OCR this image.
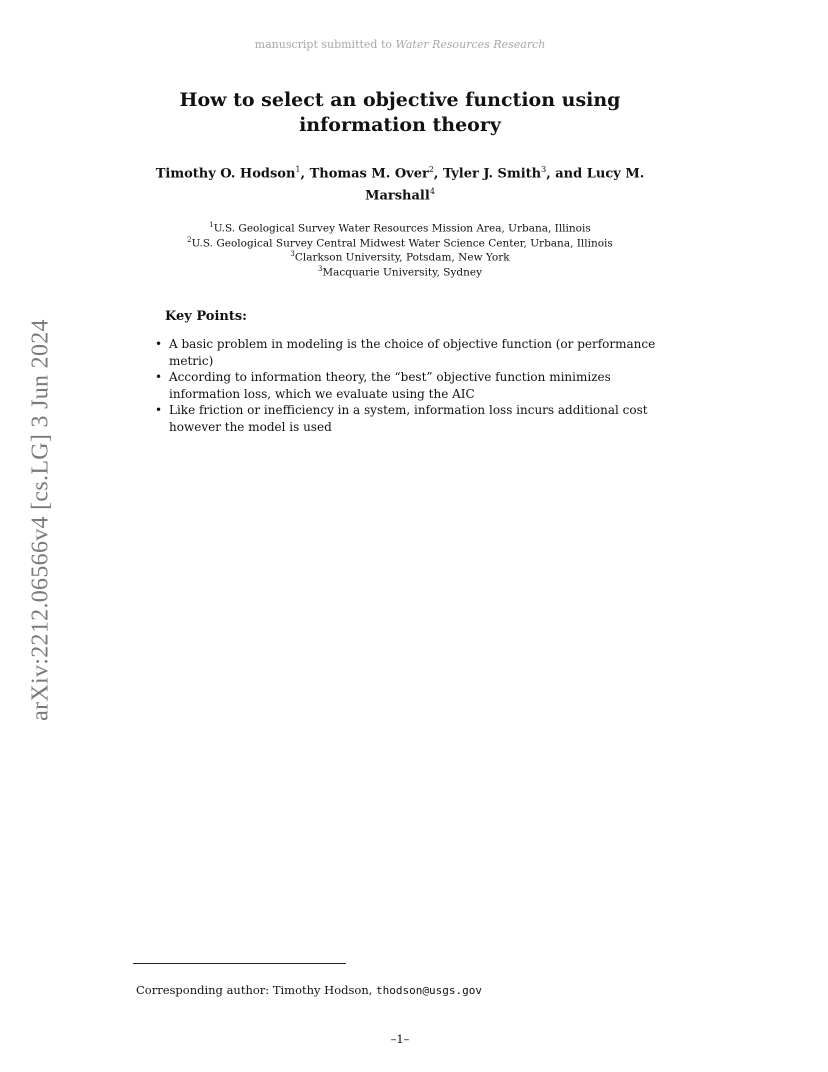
manuscript submitted to Water Resources Research
arXiv:2212.06566v4 [cs.LG] 3 Jun 2024
How to select an objective function using information theory
Timothy O. Hodson$^1$, Thomas M. Over$^2$, Tyler J. Smith$^3$, and Lucy M. Marshall$^4$
$^1$U.S. Geological Survey Water Resources Mission Area, Urbana, Illinois
$^2$U.S. Geological Survey Central Midwest Water Science Center, Urbana, Illinois
$^3$Clarkson University, Potsdam, New York
$^3$Macquarie University, Sydney
Key Points:
• A basic problem in modeling is the choice of objective function (or performance metric)
• According to information theory, the “best” objective function minimizes information loss, which we evaluate using the AIC
• Like friction or inefficiency in a system, information loss incurs additional cost however the model is used
Corresponding author: Timothy Hodson, thodson@usgs.gov
–1–
